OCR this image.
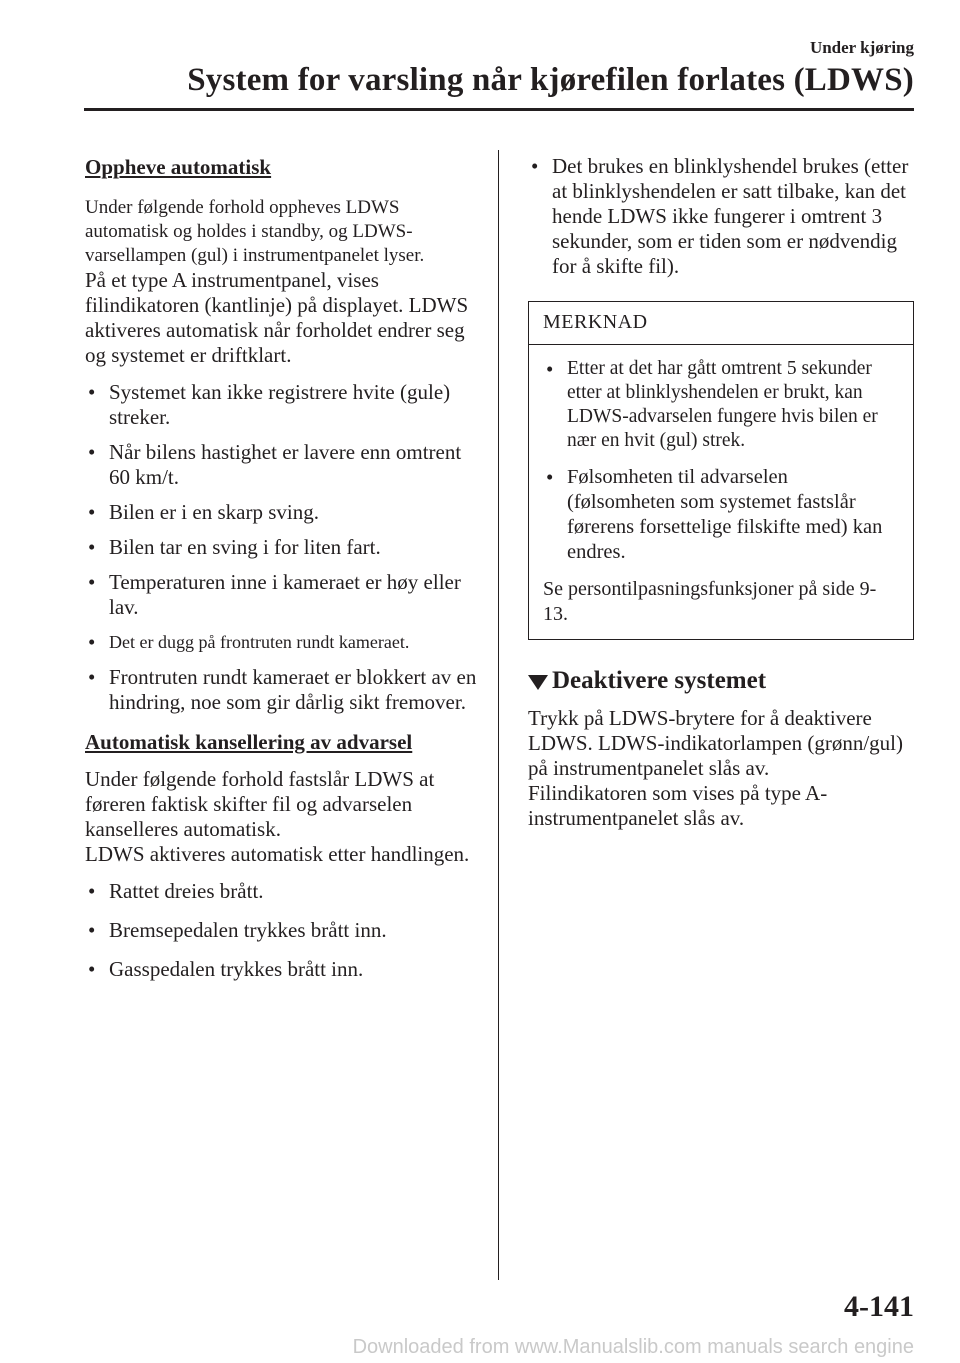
Under kjøring
System for varsling når kjørefilen forlates (LDWS)

Oppheve automatisk

Under følgende forhold oppheves LDWS automatisk og holdes i standby, og LDWS-varsellampen (gul) i instrumentpanelet lyser.

På et type A instrumentpanel, vises filindikatoren (kantlinje) på displayet. LDWS aktiveres automatisk når forholdet endrer seg og systemet er driftklart.

• Systemet kan ikke registrere hvite (gule) streker.
• Når bilens hastighet er lavere enn omtrent 60 km/t.
• Bilen er i en skarp sving.
• Bilen tar en sving i for liten fart.
• Temperaturen inne i kameraet er høy eller lav.
• Det er dugg på frontruten rundt kameraet.
• Frontruten rundt kameraet er blokkert av en hindring, noe som gir dårlig sikt fremover.

Automatisk kansellering av advarsel

Under følgende forhold fastslår LDWS at føreren faktisk skifter fil og advarselen kanselleres automatisk.

LDWS aktiveres automatisk etter handlingen.

• Rattet dreies brått.
• Bremsepedalen trykkes brått inn.
• Gasspedalen trykkes brått inn.
• Det brukes en blinklyshendel brukes (etter at blinklyshendelen er satt tilbake, kan det hende LDWS ikke fungerer i omtrent 3 sekunder, som er tiden som er nødvendig for å skifte fil).
MERKNAD
• Etter at det har gått omtrent 5 sekunder etter at blinklyshendelen er brukt, kan LDWS-advarselen fungere hvis bilen er nær en hvit (gul) strek.
• Følsomheten til advarselen (følsomheten som systemet fastslår førerens forsettelige filskifte med) kan endres.

Se persontilpasningsfunksjoner på side 9-13.

Deaktivere systemet

Trykk på LDWS-brytere for å deaktivere LDWS. LDWS-indikatorlampen (grønn/gul) på instrumentpanelet slås av.

Filindikatoren som vises på type A-instrumentpanelet slås av.

4-141
Downloaded from www.Manualslib.com manuals search engine
